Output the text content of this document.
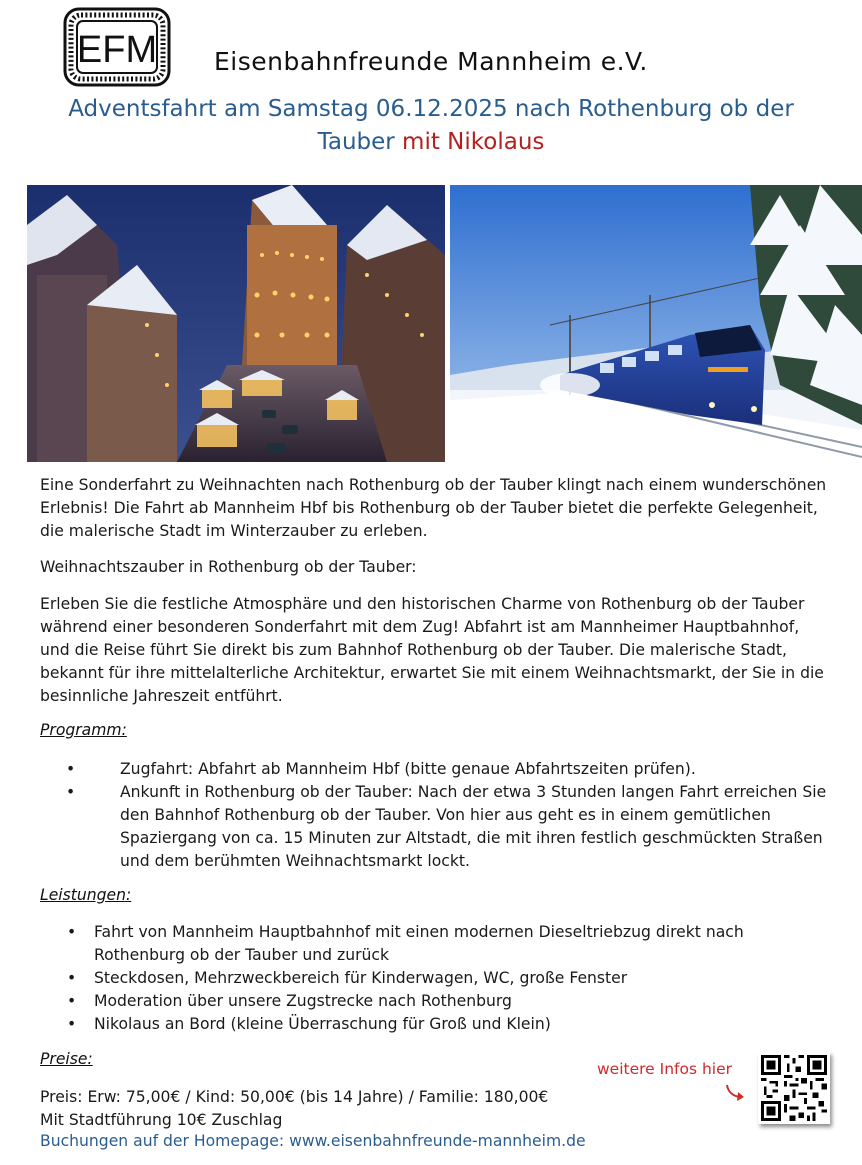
EFM Eisenbahnfreunde Mannheim e.V.
Adventsfahrt am Samstag 06.12.2025 nach Rothenburg ob der Tauber mit Nikolaus
Eine Sonderfahrt zu Weihnachten nach Rothenburg ob der Tauber klingt nach einem wunderschönen Erlebnis! Die Fahrt ab Mannheim Hbf bis Rothenburg ob der Tauber bietet die perfekte Gelegenheit, die malerische Stadt im Winterzauber zu erleben.
Weihnachtszauber in Rothenburg ob der Tauber:
Erleben Sie die festliche Atmosphäre und den historischen Charme von Rothenburg ob der Tauber während einer besonderen Sonderfahrt mit dem Zug! Abfahrt ist am Mannheimer Hauptbahnhof, und die Reise führt Sie direkt bis zum Bahnhof Rothenburg ob der Tauber. Die malerische Stadt, bekannt für ihre mittelalterliche Architektur, erwartet Sie mit einem Weihnachtsmarkt, der Sie in die besinnliche Jahreszeit entführt.
Programm:
• Zugfahrt: Abfahrt ab Mannheim Hbf (bitte genaue Abfahrtszeiten prüfen).
• Ankunft in Rothenburg ob der Tauber: Nach der etwa 3 Stunden langen Fahrt erreichen Sie den Bahnhof Rothenburg ob der Tauber. Von hier aus geht es in einem gemütlichen Spaziergang von ca. 15 Minuten zur Altstadt, die mit ihren festlich geschmückten Straßen und dem berühmten Weihnachtsmarkt lockt.
Leistungen:
• Fahrt von Mannheim Hauptbahnhof mit einen modernen Dieseltriebzug direkt nach Rothenburg ob der Tauber und zurück
• Steckdosen, Mehrzweckbereich für Kinderwagen, WC, große Fenster
• Moderation über unsere Zugstrecke nach Rothenburg
• Nikolaus an Bord (kleine Überraschung für Groß und Klein)
Preise:
Preis: Erw: 75,00€ / Kind: 50,00€ (bis 14 Jahre) / Familie: 180,00€
Mit Stadtführung 10€ Zuschlag
Buchungen auf der Homepage: www.eisenbahnfreunde-mannheim.de
weitere Infos hier
